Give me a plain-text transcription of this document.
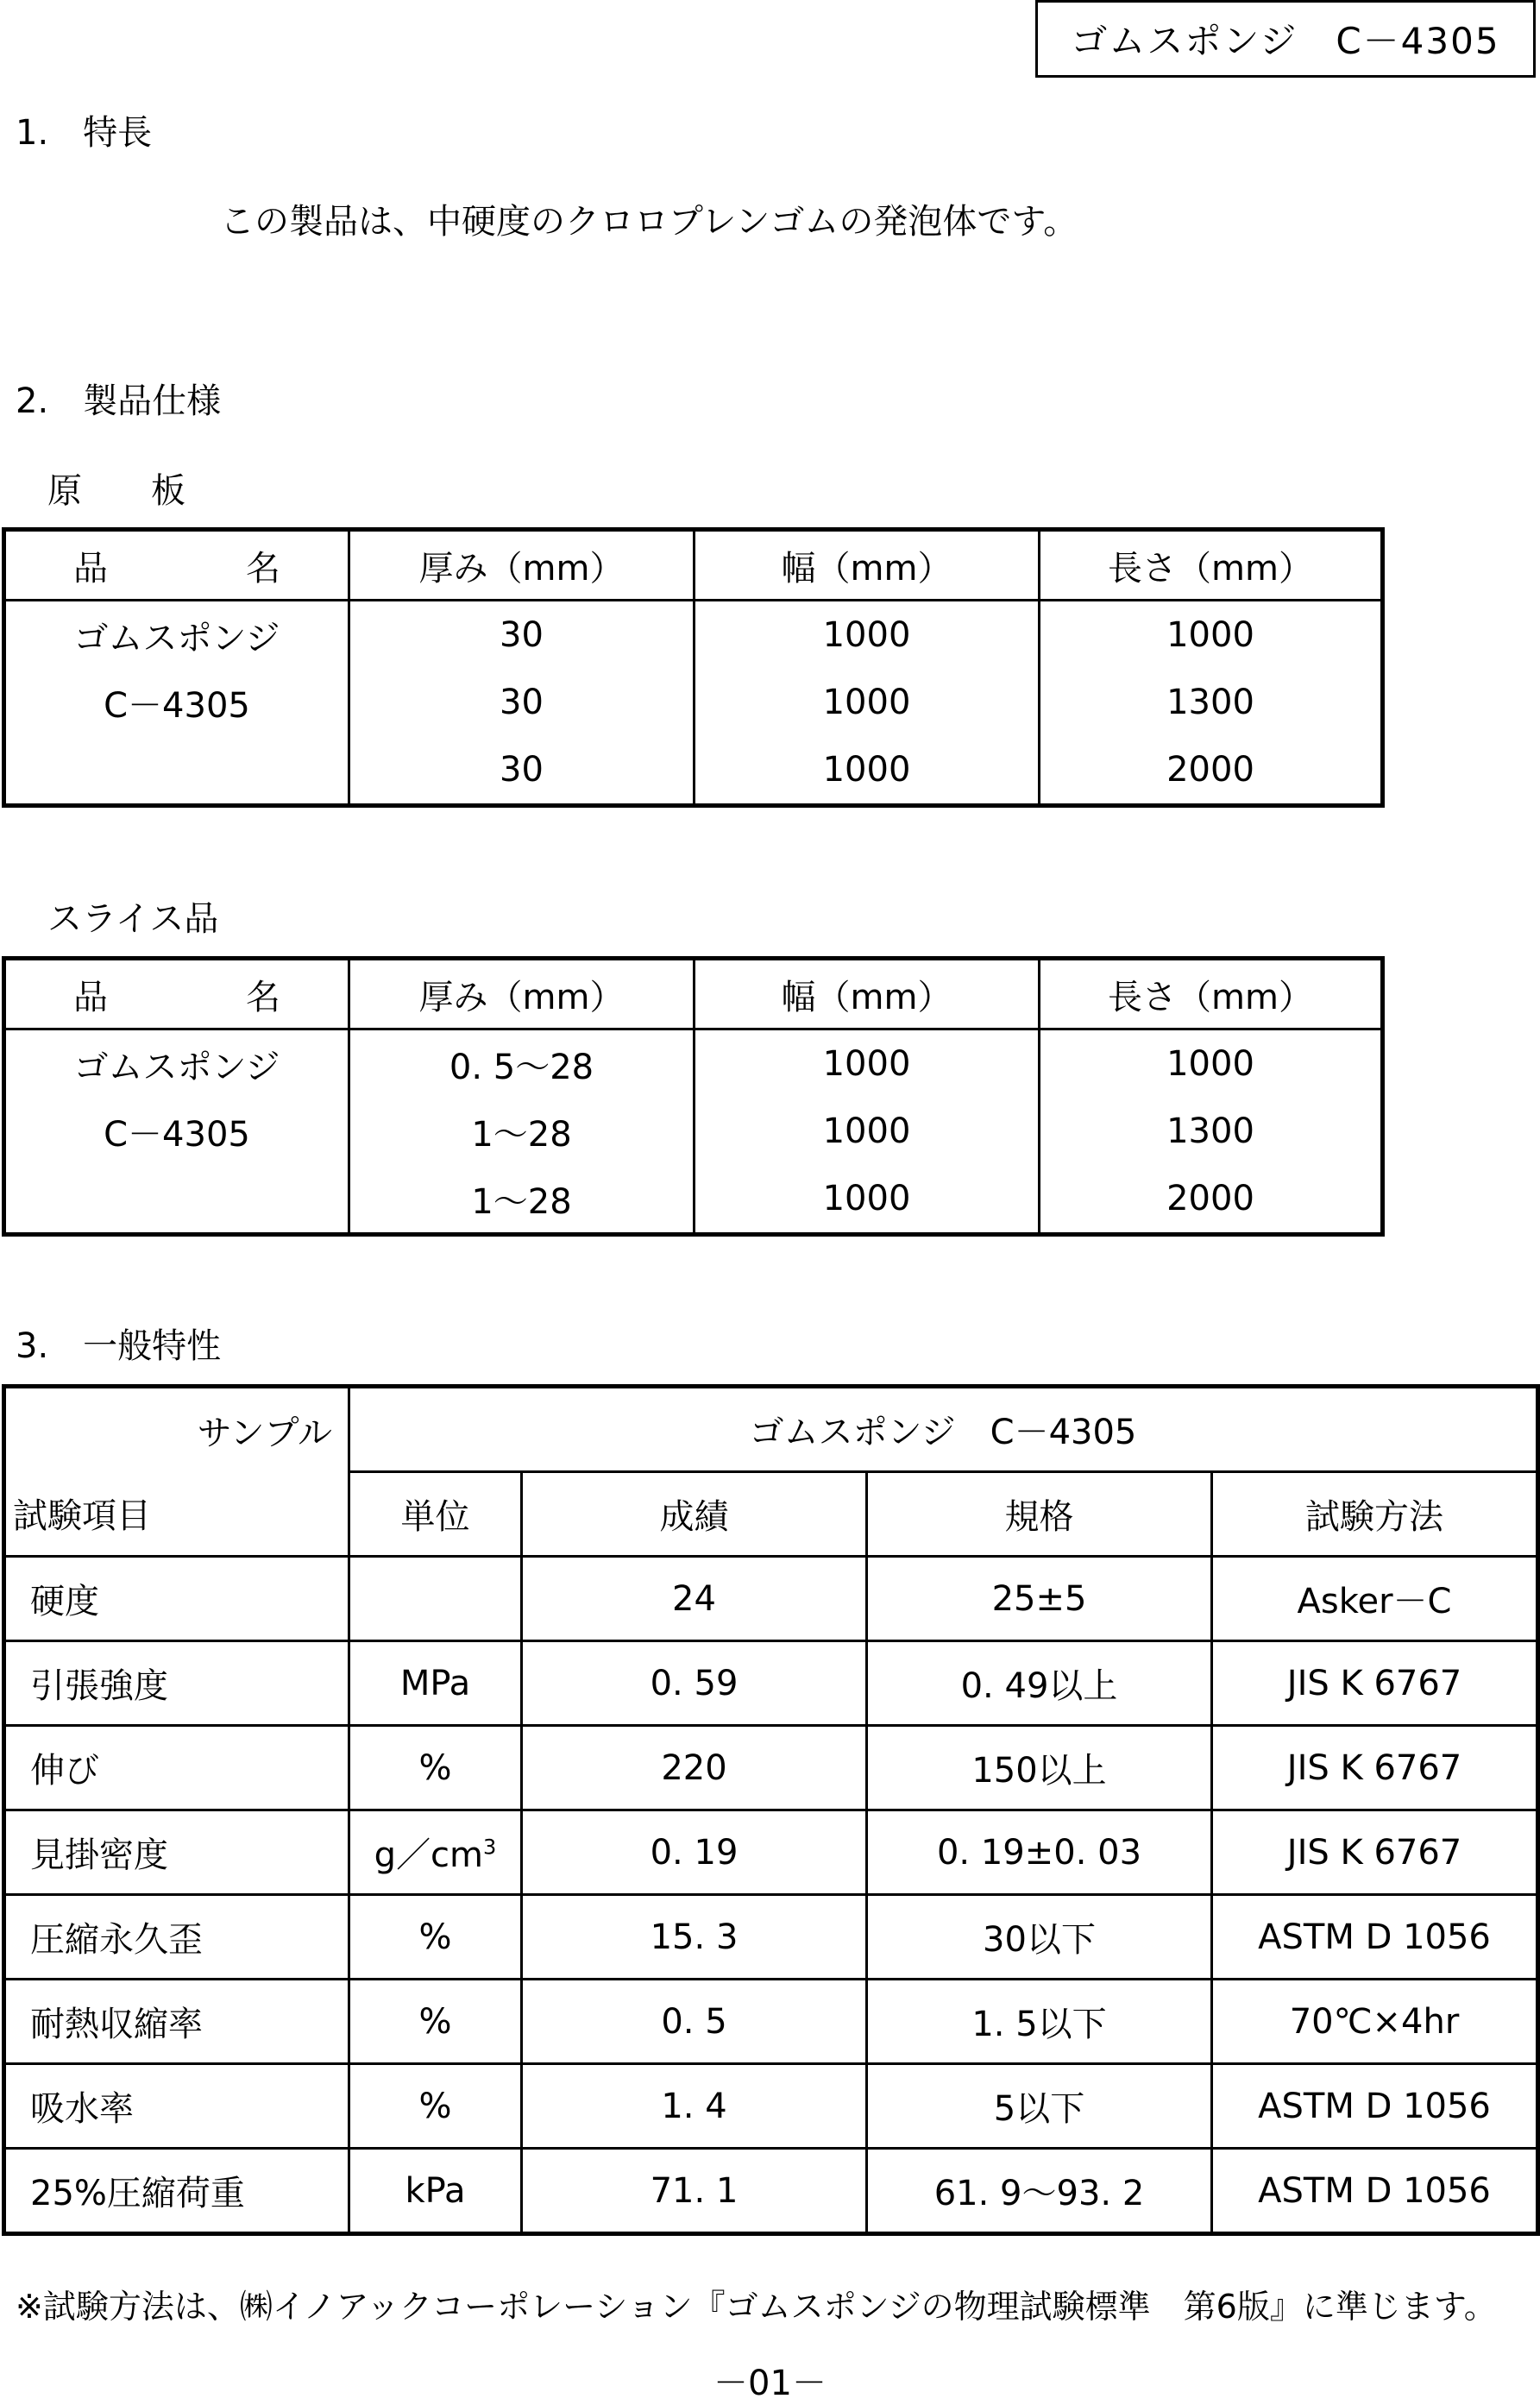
ゴムスポンジ　C－4305
1.　特長
この製品は、中硬度のクロロプレンゴムの発泡体です。
2.　製品仕様
原　　板
品　　名	厚み（mm）	幅（mm）	長さ（mm）
ゴムスポンジ	30	1000	1000
C－4305	30	1000	1300
	30	1000	2000
スライス品
品　　名	厚み（mm）	幅（mm）	長さ（mm）
ゴムスポンジ	0. 5～28	1000	1000
C－4305	1～28	1000	1300
	1～28	1000	2000
3.　一般特性
サンプル	ゴムスポンジ　C－4305			
試験項目	単位	成績	規格	試験方法
硬度		24	25±5	Asker－C
引張強度	MPa	0. 59	0. 49以上	JIS K 6767
伸び	%	220	150以上	JIS K 6767
見掛密度	$g/cm^3$	0. 19	0. 19±0. 03	JIS K 6767
圧縮永久歪	%	15. 3	30以下	ASTM D 1056
耐熱収縮率	%	0. 5	1. 5以下	70℃×4hr
吸水率	%	1. 4	5以下	ASTM D 1056
25%圧縮荷重	kPa	71. 1	61. 9～93. 2	ASTM D 1056
※試験方法は、㈱イノアックコーポレーション『ゴムスポンジの物理試験標準　第6版』に準じます。
－01－
